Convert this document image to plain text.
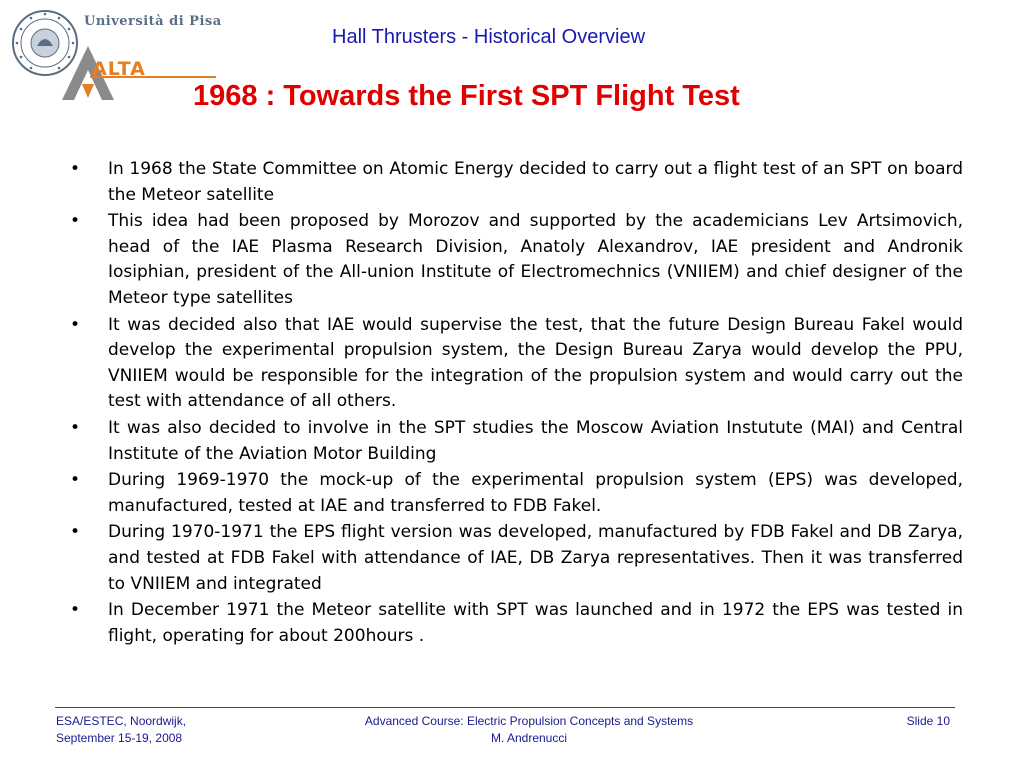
Università di Pisa
ALTA
Hall Thrusters - Historical Overview
1968 : Towards the First SPT Flight Test
• In 1968 the State Committee on Atomic Energy decided to carry out a flight test of an SPT on board the Meteor satellite
• This idea had been proposed by Morozov and supported by the academicians Lev Artsimovich, head of the IAE Plasma Research Division, Anatoly Alexandrov, IAE president and Andronik Iosiphian, president of the All-union Institute of Electromechnics (VNIIEM) and chief designer of the Meteor type satellites
• It was decided also that IAE would supervise the test, that the future Design Bureau Fakel would develop the experimental propulsion system, the Design Bureau Zarya would develop the PPU, VNIIEM would be responsible for the integration of the propulsion system and would carry out the test with attendance of all others.
• It was also decided to involve in the SPT studies the Moscow Aviation Instutute (MAI) and Central Institute of the Aviation Motor Building
• During 1969-1970 the mock-up of the experimental propulsion system (EPS) was developed, manufactured, tested at IAE and transferred to FDB Fakel.
• During 1970-1971 the EPS flight version was developed, manufactured by FDB Fakel and DB Zarya, and tested at FDB Fakel with attendance of IAE, DB Zarya representatives. Then it was transferred to VNIIEM and integrated
• In December 1971 the Meteor satellite with SPT was launched and in 1972 the EPS was tested in flight, operating for about 200hours .
ESA/ESTEC, Noordwijk,
September 15-19, 2008
Advanced Course: Electric Propulsion Concepts and Systems
M. Andrenucci
Slide 10
